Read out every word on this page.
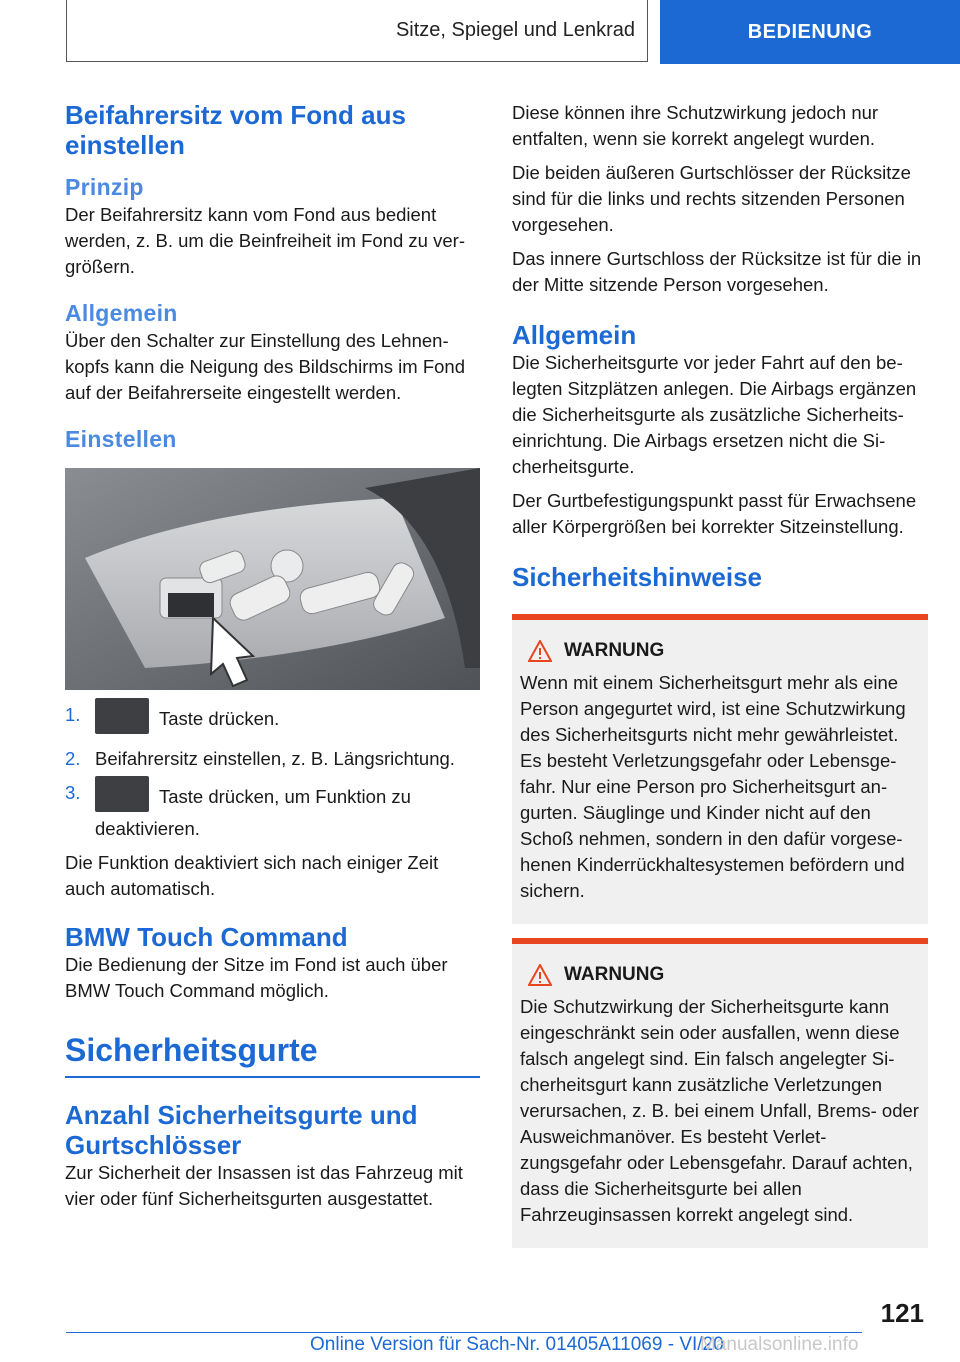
Sitze, Spiegel und Lenkrad	BEDIENUNG
Beifahrersitz vom Fond aus einstellen
Prinzip

Der Beifahrersitz kann vom Fond aus bedient werden, z. B. um die Beinfreiheit im Fond zu vergrößern.

Allgemein

Über den Schalter zur Einstellung des Lehnenkopfs kann die Neigung des Bildschirms im Fond auf der Beifahrerseite eingestellt werden.

Einstellen
1.	Taste drücken.
2. Beifahrersitz einstellen, z. B. Längsrichtung.
3.	Taste drücken, um Funktion zu deaktivieren.

Die Funktion deaktiviert sich nach einiger Zeit auch automatisch.

BMW Touch Command

Die Bedienung der Sitze im Fond ist auch über BMW Touch Command möglich.

Sicherheitsgurte
Anzahl Sicherheitsgurte und Gurtschlösser

Zur Sicherheit der Insassen ist das Fahrzeug mit vier oder fünf Sicherheitsgurten ausgestattet.

Diese können ihre Schutzwirkung jedoch nur entfalten, wenn sie korrekt angelegt wurden.

Die beiden äußeren Gurtschlösser der Rücksitze sind für die links und rechts sitzenden Personen vorgesehen.

Das innere Gurtschloss der Rücksitze ist für die in der Mitte sitzende Person vorgesehen.

Allgemein

Die Sicherheitsgurte vor jeder Fahrt auf den belegten Sitzplätzen anlegen. Die Airbags ergänzen die Sicherheitsgurte als zusätzliche Sicherheitseinrichtung. Die Airbags ersetzen nicht die Sicherheitsgurte.

Der Gurtbefestigungspunkt passt für Erwachsene aller Körpergrößen bei korrekter Sitzeinstellung.

Sicherheitshinweise
WARNUNG

Wenn mit einem Sicherheitsgurt mehr als eine Person angegurtet wird, ist eine Schutzwirkung des Sicherheitsgurts nicht mehr gewährleistet. Es besteht Verletzungsgefahr oder Lebensgefahr. Nur eine Person pro Sicherheitsgurt angurten. Säuglinge und Kinder nicht auf den Schoß nehmen, sondern in den dafür vorgesehenen Kinderrückhaltesystemen befördern und sichern.

WARNUNG

Die Schutzwirkung der Sicherheitsgurte kann eingeschränkt sein oder ausfallen, wenn diese falsch angelegt sind. Ein falsch angelegter Sicherheitsgurt kann zusätzliche Verletzungen verursachen, z. B. bei einem Unfall, Brems- oder Ausweichmanöver. Es besteht Verletzungsgefahr oder Lebensgefahr. Darauf achten, dass die Sicherheitsgurte bei allen Fahrzeuginsassen korrekt angelegt sind.

121
Online Version für Sach-Nr. 01405A11069 - VI/20
Manualsonline.info
